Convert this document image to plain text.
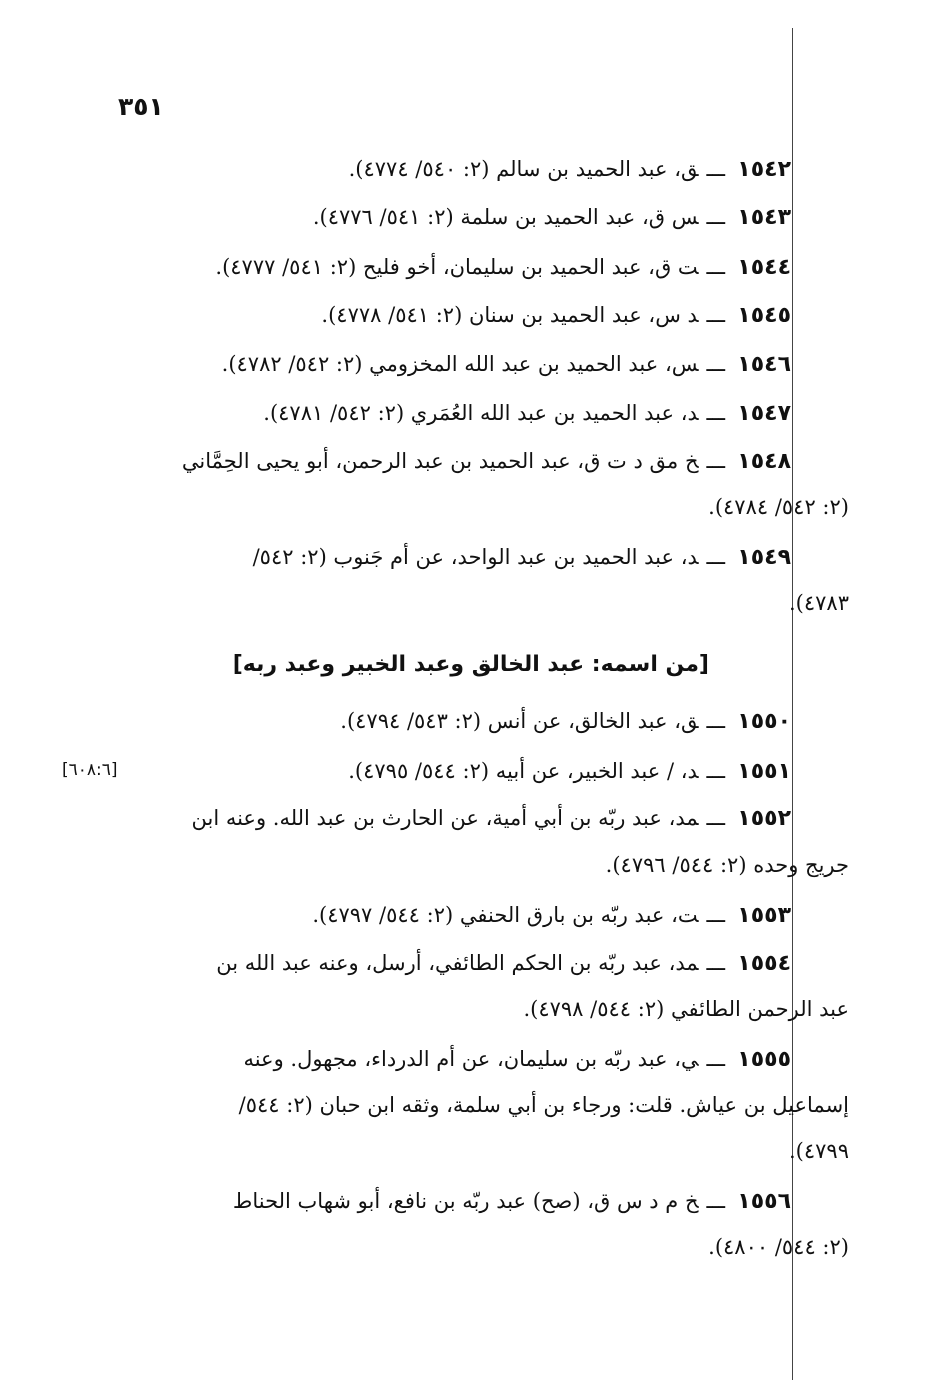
٣٥١
١٥٤٢ـــق، عبد الحميد بن سالم (٢: ٥٤٠/ ٤٧٧٤).
١٥٤٣ـــس ق، عبد الحميد بن سلمة (٢: ٥٤١/ ٤٧٧٦).
١٥٤٤ـــت ق، عبد الحميد بن سليمان، أخو فليح (٢: ٥٤١/ ٤٧٧٧).
١٥٤٥ـــد س، عبد الحميد بن سنان (٢: ٥٤١/ ٤٧٧٨).
١٥٤٦ـــس، عبد الحميد بن عبد الله المخزومي (٢: ٥٤٢/ ٤٧٨٢).
١٥٤٧ـــد، عبد الحميد بن عبد الله العُمَري (٢: ٥٤٢/ ٤٧٨١).
١٥٤٨ـــخ مق د ت ق، عبد الحميد بن عبد الرحمن، أبو يحيى الحِمَّاني
(٢: ٥٤٢/ ٤٧٨٤).
١٥٤٩ـــد، عبد الحميد بن عبد الواحد، عن أم جَنوب (٢: ٥٤٢/
٤٧٨٣).
[من اسمه: عبد الخالق وعبد الخبير وعبد ربه]
١٥٥٠ـــق، عبد الخالق، عن أنس (٢: ٥٤٣/ ٤٧٩٤).
١٥٥١ـــد، / عبد الخبير، عن أبيه (٢: ٥٤٤/ ٤٧٩٥).
[٦٠٨:٦]
١٥٥٢ـــمد، عبد ربّه بن أبي أمية، عن الحارث بن عبد الله. وعنه ابن
جريج وحده (٢: ٥٤٤/ ٤٧٩٦).
١٥٥٣ـــت، عبد ربّه بن بارق الحنفي (٢: ٥٤٤/ ٤٧٩٧).
١٥٥٤ـــمد، عبد ربّه بن الحكم الطائفي، أرسل، وعنه عبد الله بن
عبد الرحمن الطائفي (٢: ٥٤٤/ ٤٧٩٨).
١٥٥٥ـــي، عبد ربّه بن سليمان، عن أم الدرداء، مجهول. وعنه
إسماعيل بن عياش. قلت: ورجاء بن أبي سلمة، وثقه ابن حبان (٢: ٥٤٤/
٤٧٩٩).
١٥٥٦ـــخ م د س ق، (صح) عبد ربّه بن نافع، أبو شهاب الحناط
(٢: ٥٤٤/ ٤٨٠٠).
